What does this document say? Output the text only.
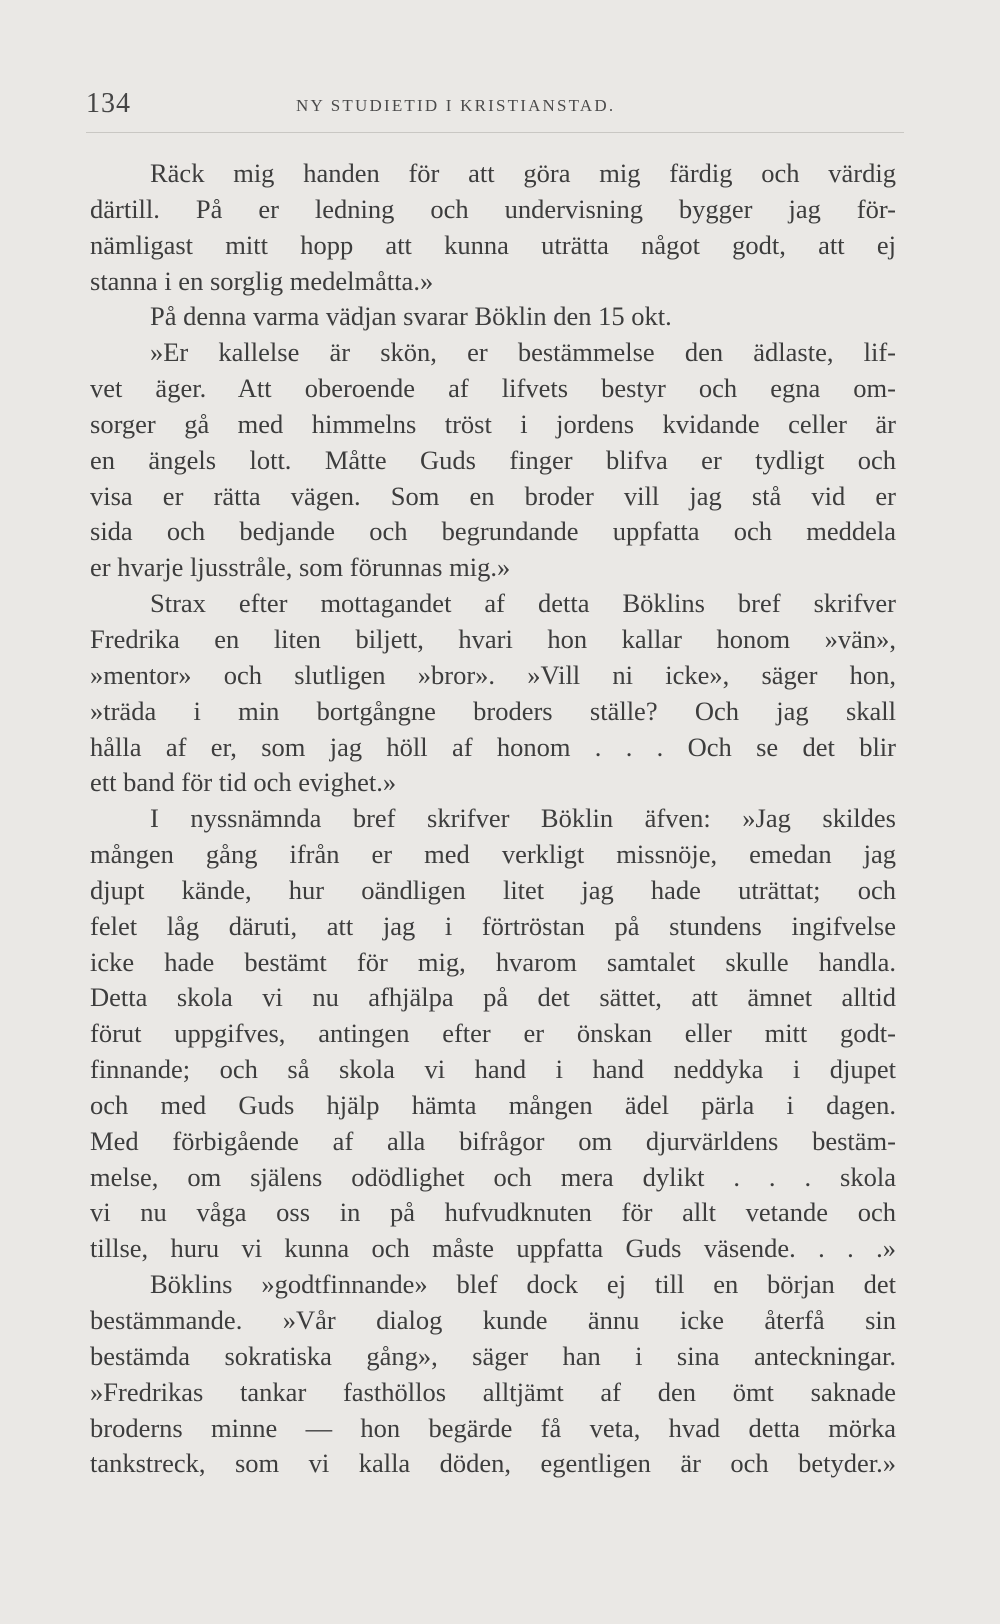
134	NY STUDIETID I KRISTIANSTAD.
Räck mig handen för att göra mig färdig och värdig
därtill. På er ledning och undervisning bygger jag för-
nämligast mitt hopp att kunna uträtta något godt, att ej
stanna i en sorglig medelmåtta.»
På denna varma vädjan svarar Böklin den 15 okt.
»Er kallelse är skön, er bestämmelse den ädlaste, lif-
vet äger. Att oberoende af lifvets bestyr och egna om-
sorger gå med himmelns tröst i jordens kvidande celler är
en ängels lott. Måtte Guds finger blifva er tydligt och
visa er rätta vägen. Som en broder vill jag stå vid er
sida och bedjande och begrundande uppfatta och meddela
er hvarje ljusstråle, som förunnas mig.»
Strax efter mottagandet af detta Böklins bref skrifver
Fredrika en liten biljett, hvari hon kallar honom »vän»,
»mentor» och slutligen »bror». »Vill ni icke», säger hon,
»träda i min bortgångne broders ställe? Och jag skall
hålla af er, som jag höll af honom . . . Och se det blir
ett band för tid och evighet.»
I nyssnämnda bref skrifver Böklin äfven: »Jag skildes
mången gång ifrån er med verkligt missnöje, emedan jag
djupt kände, hur oändligen litet jag hade uträttat; och
felet låg däruti, att jag i förtröstan på stundens ingifvelse
icke hade bestämt för mig, hvarom samtalet skulle handla.
Detta skola vi nu afhjälpa på det sättet, att ämnet alltid
förut uppgifves, antingen efter er önskan eller mitt godt-
finnande; och så skola vi hand i hand neddyka i djupet
och med Guds hjälp hämta mången ädel pärla i dagen.
Med förbigående af alla bifrågor om djurvärldens bestäm-
melse, om själens odödlighet och mera dylikt . . . skola
vi nu våga oss in på hufvudknuten för allt vetande och
tillse, huru vi kunna och måste uppfatta Guds väsende. . . .»
Böklins »godtfinnande» blef dock ej till en början det
bestämmande. »Vår dialog kunde ännu icke återfå sin
bestämda sokratiska gång», säger han i sina anteckningar.
»Fredrikas tankar fasthöllos alltjämt af den ömt saknade
broderns minne — hon begärde få veta, hvad detta mörka
tankstreck, som vi kalla döden, egentligen är och betyder.»
